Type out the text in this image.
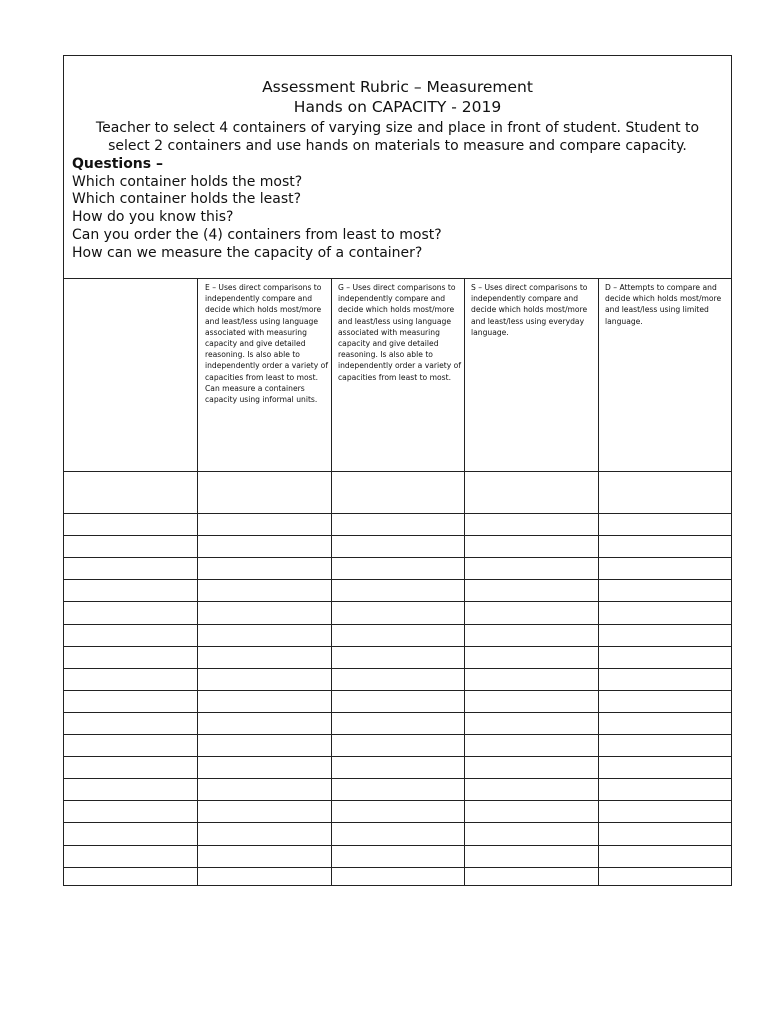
Assessment Rubric – Measurement
Hands on CAPACITY - 2019
Teacher to select 4 containers of varying size and place in front of student. Student to
select 2 containers and use hands on materials to measure and compare capacity.
Questions –
Which container holds the most?
Which container holds the least?
How do you know this?
Can you order the (4) containers from least to most?
How can we measure the capacity of a container?
E – Uses direct comparisons to independently compare and decide which holds most/more and least/less using language associated with measuring capacity and give detailed reasoning. Is also able to independently order a variety of capacities from least to most. Can measure a containers capacity using informal units.
G – Uses direct comparisons to independently compare and decide which holds most/more and least/less using language associated with measuring capacity and give detailed reasoning. Is also able to independently order a variety of capacities from least to most.
S – Uses direct comparisons to independently compare and decide which holds most/more and least/less using everyday language.
D – Attempts to compare and decide which holds most/more and least/less using limited language.
